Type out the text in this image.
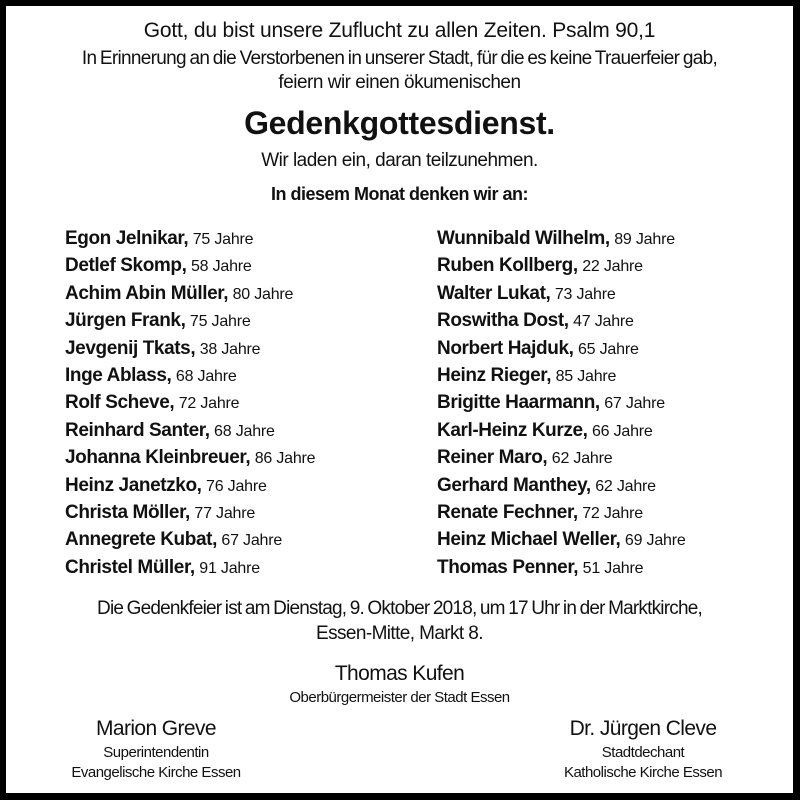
Gott, du bist unsere Zuflucht zu allen Zeiten. Psalm 90,1
In Erinnerung an die Verstorbenen in unserer Stadt, für die es keine Trauerfeier gab,
feiern wir einen ökumenischen
Gedenkgottesdienst.
Wir laden ein, daran teilzunehmen.
In diesem Monat denken wir an:
Egon Jelnikar, 75 Jahre
Detlef Skomp, 58 Jahre
Achim Abin Müller, 80 Jahre
Jürgen Frank, 75 Jahre
Jevgenij Tkats, 38 Jahre
Inge Ablass, 68 Jahre
Rolf Scheve, 72 Jahre
Reinhard Santer, 68 Jahre
Johanna Kleinbreuer, 86 Jahre
Heinz Janetzko, 76 Jahre
Christa Möller, 77 Jahre
Annegrete Kubat, 67 Jahre
Christel Müller, 91 Jahre
Wunnibald Wilhelm, 89 Jahre
Ruben Kollberg, 22 Jahre
Walter Lukat, 73 Jahre
Roswitha Dost, 47 Jahre
Norbert Hajduk, 65 Jahre
Heinz Rieger, 85 Jahre
Brigitte Haarmann, 67 Jahre
Karl-Heinz Kurze, 66 Jahre
Reiner Maro, 62 Jahre
Gerhard Manthey, 62 Jahre
Renate Fechner, 72 Jahre
Heinz Michael Weller, 69 Jahre
Thomas Penner, 51 Jahre
Die Gedenkfeier ist am Dienstag, 9. Oktober 2018, um 17 Uhr in der Marktkirche,
Essen-Mitte, Markt 8.
Thomas Kufen
Oberbürgermeister der Stadt Essen
Marion Greve
Superintendentin
Evangelische Kirche Essen
Dr. Jürgen Cleve
Stadtdechant
Katholische Kirche Essen
